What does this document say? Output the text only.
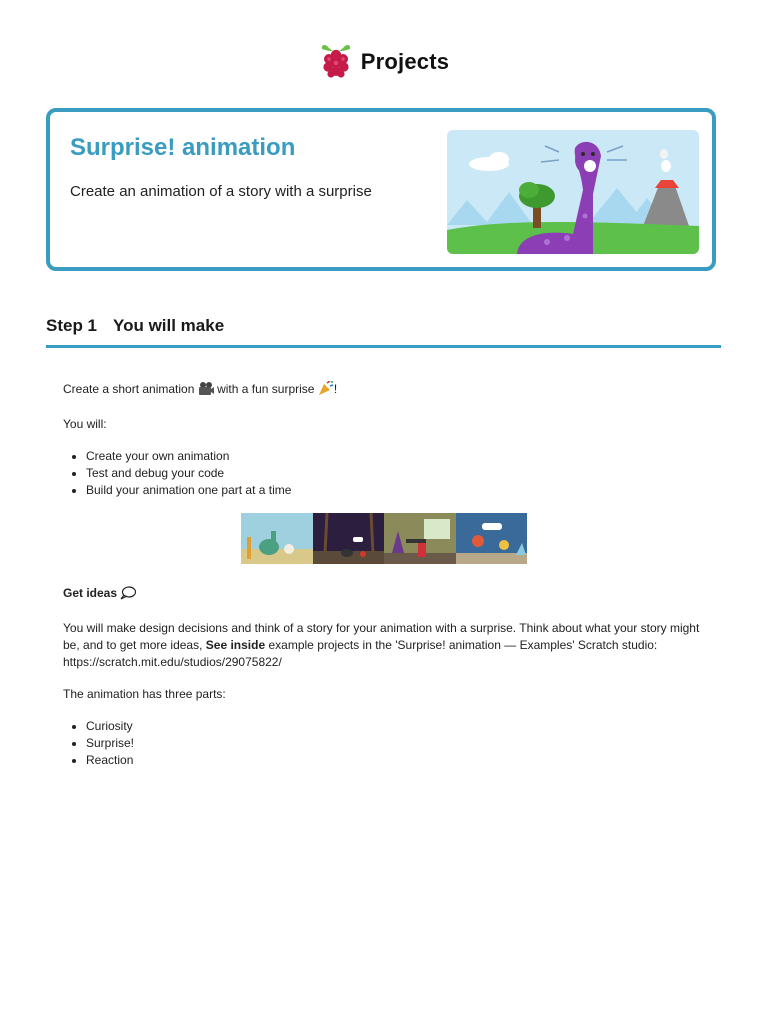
Projects
Surprise! animation
Create an animation of a story with a surprise
Step 1 You will make

Create a short animation with a fun surprise !

You will:

• Create your own animation
• Test and debug your code
• Build your animation one part at a time

Get ideas

You will make design decisions and think of a story for your animation with a surprise. Think about what your story might be, and to get more ideas, See inside example projects in the 'Surprise! animation — Examples' Scratch studio: https://scratch.mit.edu/studios/29075822/

The animation has three parts:

• Curiosity
• Surprise!
• Reaction
